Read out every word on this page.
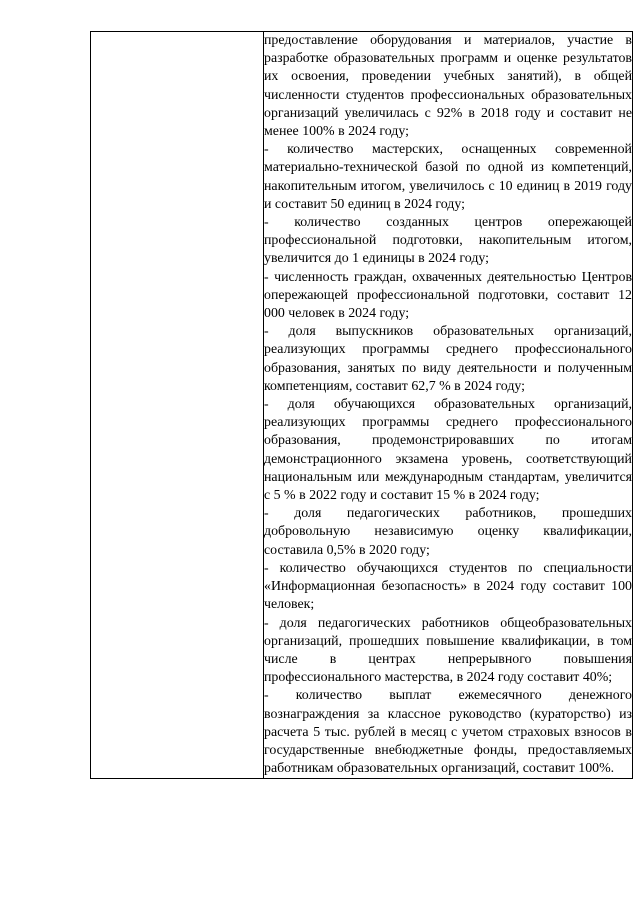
предоставление оборудования и материалов, участие в разработке образовательных программ и оценке результатов их освоения, проведении учебных занятий), в общей численности студентов профессиональных образовательных организаций увеличилась с 92% в 2018 году и составит не менее 100% в 2024 году;

- количество мастерских, оснащенных современной материально-технической базой по одной из компетенций, накопительным итогом, увеличилось с 10 единиц в 2019 году и составит 50 единиц в 2024 году;

- количество созданных центров опережающей профессиональной подготовки, накопительным итогом, увеличится до 1 единицы в 2024 году;

- численность граждан, охваченных деятельностью Центров опережающей профессиональной подготовки, составит 12 000 человек в 2024 году;

- доля выпускников образовательных организаций, реализующих программы среднего профессионального образования, занятых по виду деятельности и полученным компетенциям, составит 62,7 % в 2024 году;

- доля обучающихся образовательных организаций, реализующих программы среднего профессионального образования, продемонстрировавших по итогам демонстрационного экзамена уровень, соответствующий национальным или международным стандартам, увеличится с 5 % в 2022 году и составит 15 % в 2024 году;

- доля педагогических работников, прошедших добровольную независимую оценку квалификации, составила 0,5% в 2020 году;

- количество обучающихся студентов по специальности «Информационная безопасность» в 2024 году составит 100 человек;

- доля педагогических работников общеобразовательных организаций, прошедших повышение квалификации, в том числе в центрах непрерывного повышения профессионального мастерства, в 2024 году составит 40%;

- количество выплат ежемесячного денежного вознаграждения за классное руководство (кураторство) из расчета 5 тыс. рублей в месяц с учетом страховых взносов в государственные внебюджетные фонды, предоставляемых работникам образовательных организаций, составит 100%.
